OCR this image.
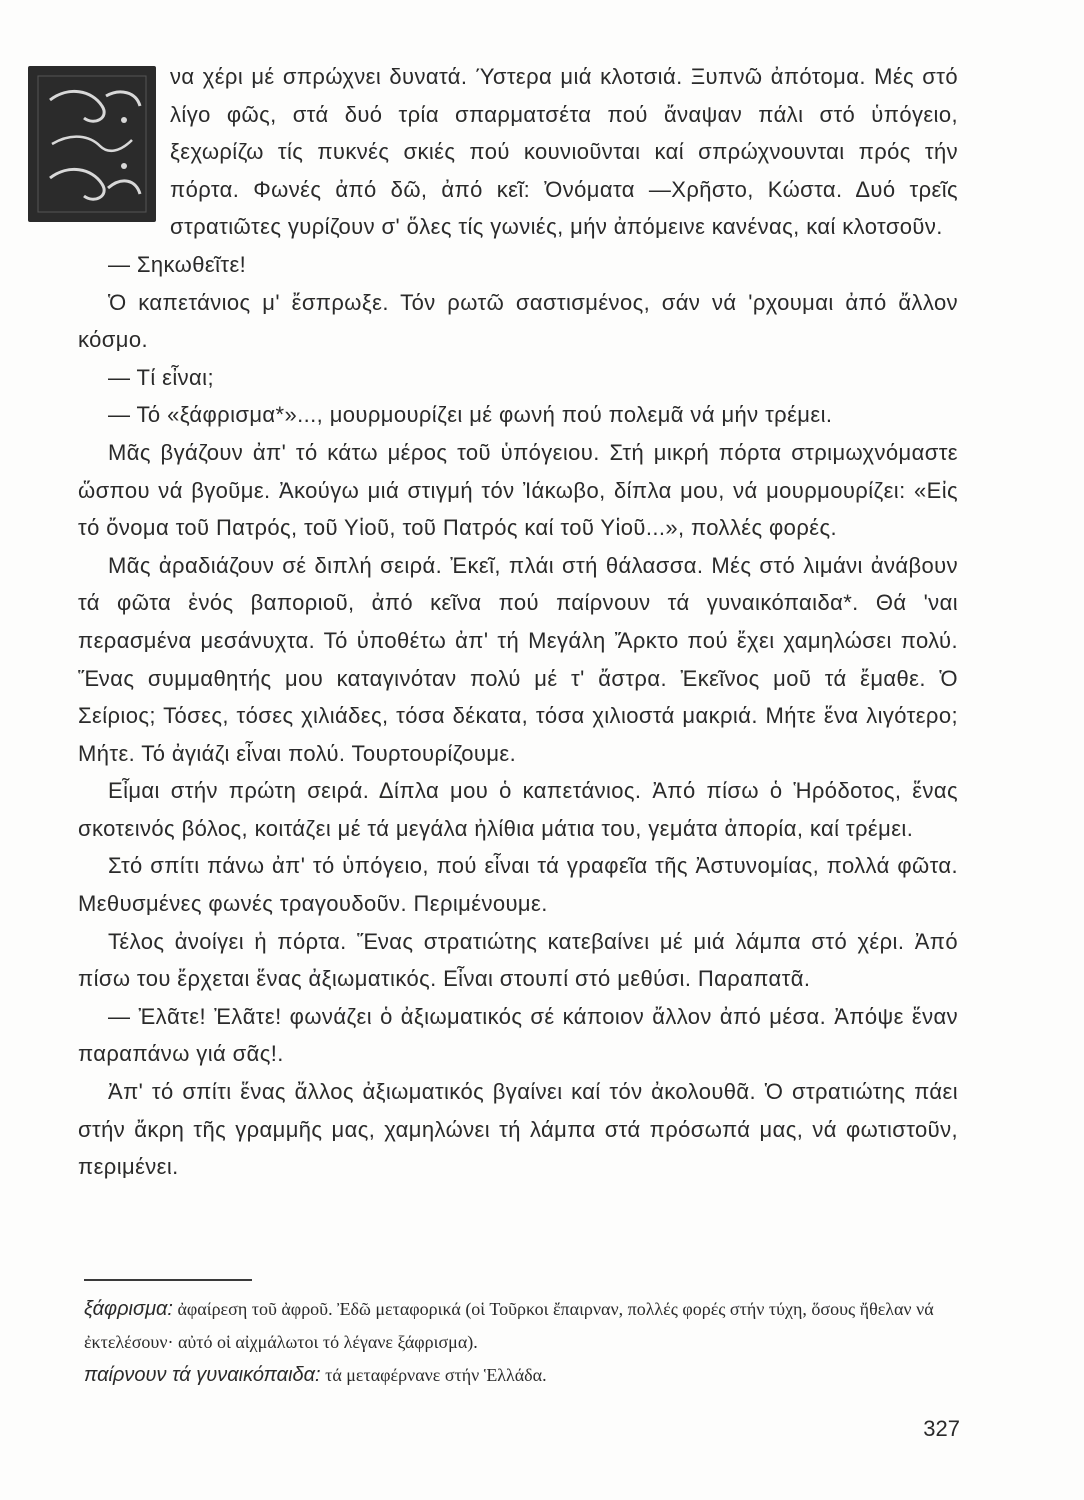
να χέρι μέ σπρώχνει δυνατά. Ύστερα μιά κλοτσιά. Ξυπνῶ ἀπότομα. Μές στό λίγο φῶς, στά δυό τρία σπαρματσέτα πού ἄναψαν πάλι στό ὑπόγειο, ξεχωρίζω τίς πυκνές σκιές πού κουνιοῦνται καί σπρώχνουνται πρός τήν πόρτα. Φωνές ἀπό δῶ, ἀπό κεῖ: Ὀνόματα —Χρῆστο, Κώστα. Δυό τρεῖς στρατιῶτες γυρίζουν σ' ὅλες τίς γωνιές, μήν ἀπόμεινε κανένας, καί κλοτσοῦν.

— Σηκωθεῖτε!

Ὁ καπετάνιος μ' ἔσπρωξε. Τόν ρωτῶ σαστισμένος, σάν νά 'ρχουμαι ἀπό ἄλλον κόσμο.

— Τί εἶναι;

— Τό «ξάφρισμα*»..., μουρμουρίζει μέ φωνή πού πολεμᾶ νά μήν τρέμει.

Μᾶς βγάζουν ἀπ' τό κάτω μέρος τοῦ ὑπόγειου. Στή μικρή πόρτα στριμωχνόμαστε ὥσπου νά βγοῦμε. Ἀκούγω μιά στιγμή τόν Ἰάκωβο, δίπλα μου, νά μουρμουρίζει: «Εἰς τό ὄνομα τοῦ Πατρός, τοῦ Υἱοῦ, τοῦ Πατρός καί τοῦ Υἱοῦ...», πολλές φορές.

Μᾶς ἀραδιάζουν σέ διπλή σειρά. Ἐκεῖ, πλάι στή θάλασσα. Μές στό λιμάνι ἀνάβουν τά φῶτα ἑνός βαποριοῦ, ἀπό κεῖνα πού παίρνουν τά γυναικόπαιδα*. Θά 'ναι περασμένα μεσάνυχτα. Τό ὑποθέτω ἀπ' τή Μεγάλη Ἄρκτο πού ἔχει χαμηλώσει πολύ. Ἕνας συμμαθητής μου καταγινόταν πολύ μέ τ' ἄστρα. Ἐκεῖνος μοῦ τά ἔμαθε. Ὁ Σείριος; Τόσες, τόσες χιλιάδες, τόσα δέκατα, τόσα χιλιοστά μακριά. Μήτε ἕνα λιγότερο; Μήτε. Τό ἀγιάζι εἶναι πολύ. Τουρτουρίζουμε.

Εἶμαι στήν πρώτη σειρά. Δίπλα μου ὁ καπετάνιος. Ἀπό πίσω ὁ Ἡρόδοτος, ἕνας σκοτεινός βόλος, κοιτάζει μέ τά μεγάλα ἠλίθια μάτια του, γεμάτα ἀπορία, καί τρέμει.

Στό σπίτι πάνω ἀπ' τό ὑπόγειο, πού εἶναι τά γραφεῖα τῆς Ἀστυνομίας, πολλά φῶτα. Μεθυσμένες φωνές τραγουδοῦν. Περιμένουμε.

Τέλος ἀνοίγει ἡ πόρτα. Ἕνας στρατιώτης κατεβαίνει μέ μιά λάμπα στό χέρι. Ἀπό πίσω του ἔρχεται ἕνας ἀξιωματικός. Εἶναι στουπί στό μεθύσι. Παραπατᾶ.

— Ἐλᾶτε! Ἐλᾶτε! φωνάζει ὁ ἀξιωματικός σέ κάποιον ἄλλον ἀπό μέσα. Ἀπόψε ἕναν παραπάνω γιά σᾶς!.

Ἀπ' τό σπίτι ἕνας ἄλλος ἀξιωματικός βγαίνει καί τόν ἀκολουθᾶ. Ὁ στρατιώτης πάει στήν ἄκρη τῆς γραμμῆς μας, χαμηλώνει τή λάμπα στά πρόσωπά μας, νά φωτιστοῦν, περιμένει.

ξάφρισμα: ἀφαίρεση τοῦ ἀφροῦ. Ἐδῶ μεταφορικά (οἱ Τοῦρκοι ἔπαιρναν, πολλές φορές στήν τύχη, ὅσους ἤθελαν νά ἐκτελέσουν· αὐτό οἱ αἰχμάλωτοι τό λέγανε ξάφρισμα).

παίρνουν τά γυναικόπαιδα: τά μεταφέρνανε στήν Ἑλλάδα.

327
